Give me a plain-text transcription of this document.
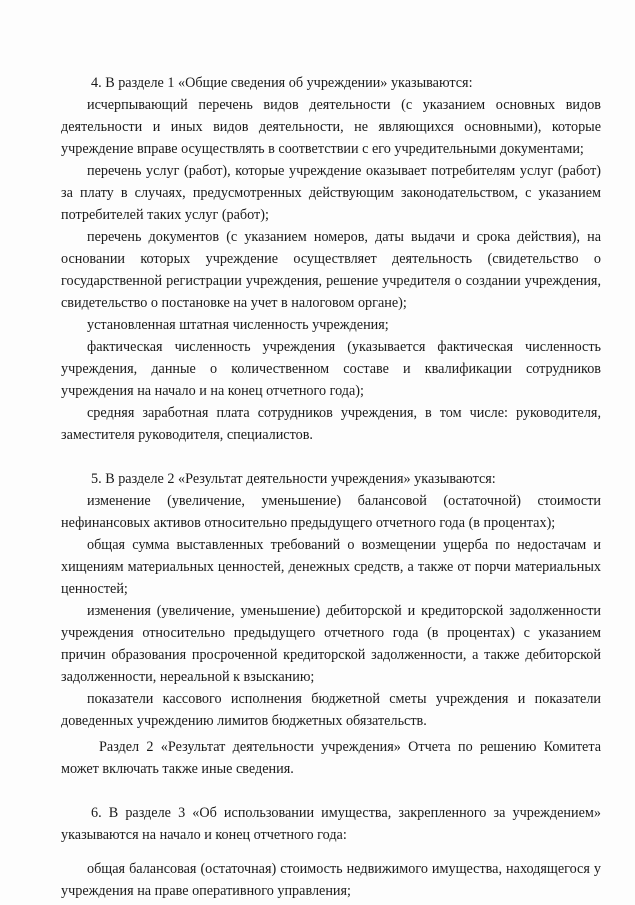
4. В разделе 1 «Общие сведения об учреждении» указываются:

исчерпывающий перечень видов деятельности (с указанием основных видов деятельности и иных видов деятельности, не являющихся основными), которые учреждение вправе осуществлять в соответствии с его учредительными документами;

перечень услуг (работ), которые учреждение оказывает потребителям услуг (работ) за плату в случаях, предусмотренных действующим законодательством, с указанием потребителей таких услуг (работ);

перечень документов (с указанием номеров, даты выдачи и срока действия), на основании которых учреждение осуществляет деятельность (свидетельство о государственной регистрации учреждения, решение учредителя о создании учреждения, свидетельство о постановке на учет в налоговом органе);

установленная штатная численность учреждения;

фактическая численность учреждения (указывается фактическая численность учреждения, данные о количественном составе и квалификации сотрудников учреждения на начало и на конец отчетного года);

средняя заработная плата сотрудников учреждения, в том числе: руководителя, заместителя руководителя, специалистов.

5. В разделе 2 «Результат деятельности учреждения» указываются:

изменение (увеличение, уменьшение) балансовой (остаточной) стоимости нефинансовых активов относительно предыдущего отчетного года (в процентах);

общая сумма выставленных требований о возмещении ущерба по недостачам и хищениям материальных ценностей, денежных средств, а также от порчи материальных ценностей;

изменения (увеличение, уменьшение) дебиторской и кредиторской задолженности учреждения относительно предыдущего отчетного года (в процентах) с указанием причин образования просроченной кредиторской задолженности, а также дебиторской задолженности, нереальной к взысканию;

показатели кассового исполнения бюджетной сметы учреждения и показатели доведенных учреждению лимитов бюджетных обязательств.

Раздел 2 «Результат деятельности учреждения» Отчета по решению Комитета может включать также иные сведения.

6. В разделе 3 «Об использовании имущества, закрепленного за учреждением» указываются на начало и конец отчетного года:

общая балансовая (остаточная) стоимость недвижимого имущества, находящегося у учреждения на праве оперативного управления;
